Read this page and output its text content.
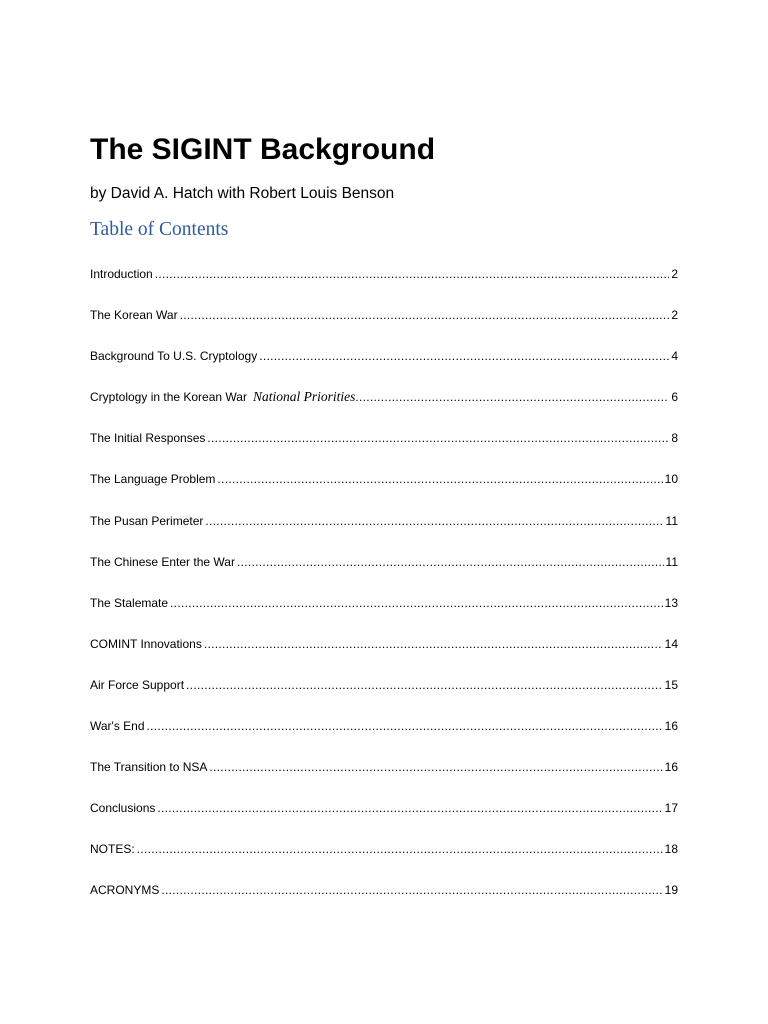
The SIGINT Background

by David A. Hatch with Robert Louis Benson

Table of Contents
Introduction .....	2
The Korean War .....	2
Background To U.S. Cryptology .....	4
Cryptology in the Korean War National Priorities .....	6
The Initial Responses .....	8
The Language Problem .....	10
The Pusan Perimeter .....	11
The Chinese Enter the War .....	11
The Stalemate .....	13
COMINT Innovations .....	14
Air Force Support .....	15
War's End .....	16
The Transition to NSA .....	16
Conclusions .....	17
NOTES: .....	18
ACRONYMS .....	19
